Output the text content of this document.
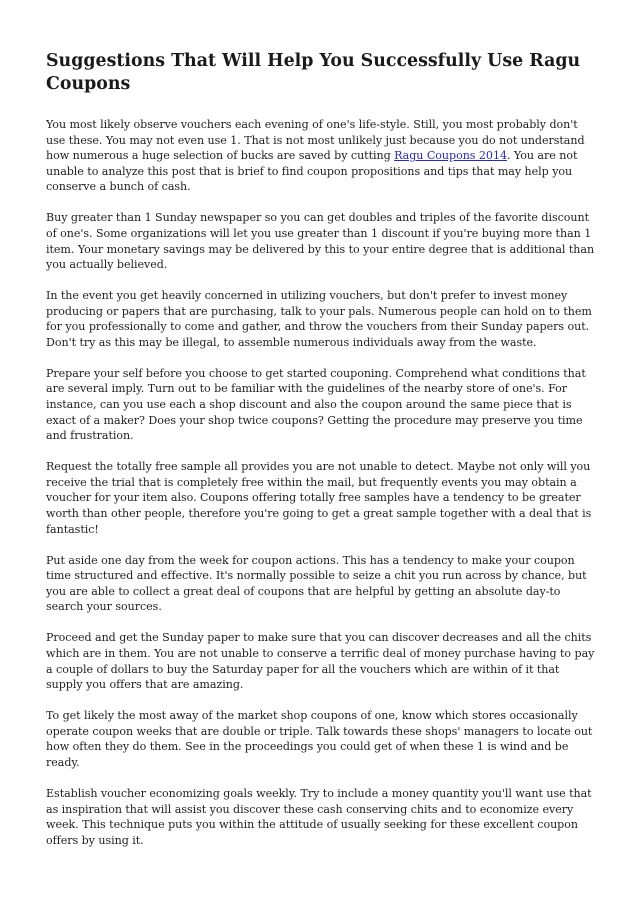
Suggestions That Will Help You Successfully Use Ragu Coupons

You most likely observe vouchers each evening of one's life-style. Still, you most probably don't use these. You may not even use 1. That is not most unlikely just because you do not understand how numerous a huge selection of bucks are saved by cutting Ragu Coupons 2014. You are not unable to analyze this post that is brief to find coupon propositions and tips that may help you conserve a bunch of cash.

Buy greater than 1 Sunday newspaper so you can get doubles and triples of the favorite discount of one's. Some organizations will let you use greater than 1 discount if you're buying more than 1 item. Your monetary savings may be delivered by this to your entire degree that is additional than you actually believed.

In the event you get heavily concerned in utilizing vouchers, but don't prefer to invest money producing or papers that are purchasing, talk to your pals. Numerous people can hold on to them for you professionally to come and gather, and throw the vouchers from their Sunday papers out. Don't try as this may be illegal, to assemble numerous individuals away from the waste.

Prepare your self before you choose to get started couponing. Comprehend what conditions that are several imply. Turn out to be familiar with the guidelines of the nearby store of one's. For instance, can you use each a shop discount and also the coupon around the same piece that is exact of a maker? Does your shop twice coupons? Getting the procedure may preserve you time and frustration.

Request the totally free sample all provides you are not unable to detect. Maybe not only will you receive the trial that is completely free within the mail, but frequently events you may obtain a voucher for your item also. Coupons offering totally free samples have a tendency to be greater worth than other people, therefore you're going to get a great sample together with a deal that is fantastic!

Put aside one day from the week for coupon actions. This has a tendency to make your coupon time structured and effective. It's normally possible to seize a chit you run across by chance, but you are able to collect a great deal of coupons that are helpful by getting an absolute day-to search your sources.

Proceed and get the Sunday paper to make sure that you can discover decreases and all the chits which are in them. You are not unable to conserve a terrific deal of money purchase having to pay a couple of dollars to buy the Saturday paper for all the vouchers which are within of it that supply you offers that are amazing.

To get likely the most away of the market shop coupons of one, know which stores occasionally operate coupon weeks that are double or triple. Talk towards these shops' managers to locate out how often they do them. See in the proceedings you could get of when these 1 is wind and be ready.

Establish voucher economizing goals weekly. Try to include a money quantity you'll want use that as inspiration that will assist you discover these cash conserving chits and to economize every week. This technique puts you within the attitude of usually seeking for these excellent coupon offers by using it.
